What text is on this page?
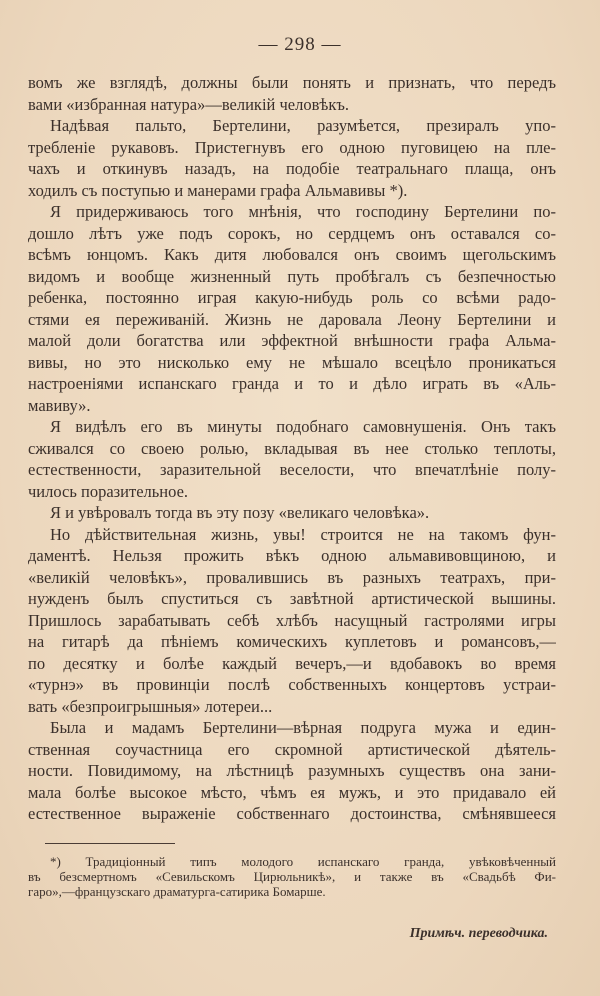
— 298 —
вомъ же взглядѣ, должны были понять и признать, что передъ
вами «избранная натура»—великій человѣкъ.
Надѣвая пальто, Бертелини, разумѣется, презиралъ упо-
требленіе рукавовъ. Пристегнувъ его одною пуговицею на пле-
чахъ и откинувъ назадъ, на подобіе театральнаго плаща, онъ
ходилъ съ поступью и манерами графа Альмавивы *).
Я придерживаюсь того мнѣнія, что господину Бертелини по-
дошло лѣтъ уже подъ сорокъ, но сердцемъ онъ оставался со-
всѣмъ юнцомъ. Какъ дитя любовался онъ своимъ щегольскимъ
видомъ и вообще жизненный путь пробѣгалъ съ безпечностью
ребенка, постоянно играя какую-нибудь роль со всѣми радо-
стями ея переживаній. Жизнь не даровала Леону Бертелини и
малой доли богатства или эффектной внѣшности графа Альма-
вивы, но это нисколько ему не мѣшало всецѣло проникаться
настроеніями испанскаго гранда и то и дѣло играть въ «Аль-
мавиву».
Я видѣлъ его въ минуты подобнаго самовнушенія. Онъ такъ
сживался со своею ролью, вкладывая въ нее столько теплоты,
естественности, заразительной веселости, что впечатлѣніе полу-
чилось поразительное.
Я и увѣровалъ тогда въ эту позу «великаго человѣка».
Но дѣйствительная жизнь, увы! строится не на такомъ фун-
даментѣ. Нельзя прожить вѣкъ одною альмавивовщиною, и
«великій человѣкъ», провалившись въ разныхъ театрахъ, при-
нужденъ былъ спуститься съ завѣтной артистической вышины.
Пришлось зарабатывать себѣ хлѣбъ насущный гастролями игры
на гитарѣ да пѣніемъ комическихъ куплетовъ и романсовъ,—
по десятку и болѣе каждый вечеръ,—и вдобавокъ во время
«турнэ» въ провинціи послѣ собственныхъ концертовъ устраи-
вать «безпроигрышныя» лотереи...
Была и мадамъ Бертелини—вѣрная подруга мужа и един-
ственная соучастница его скромной артистической дѣятель-
ности. Повидимому, на лѣстницѣ разумныхъ существъ она зани-
мала болѣе высокое мѣсто, чѣмъ ея мужъ, и это придавало ей
естественное выраженіе собственнаго достоинства, смѣнявшееся
*) Традиціонный типъ молодого испанскаго гранда, увѣковѣченный
въ безсмертномъ «Севильскомъ Цирюльникѣ», и также въ «Свадьбѣ Фи-
гаро»,—французскаго драматурга-сатирика Бомарше.
Примѣч. переводчика.
